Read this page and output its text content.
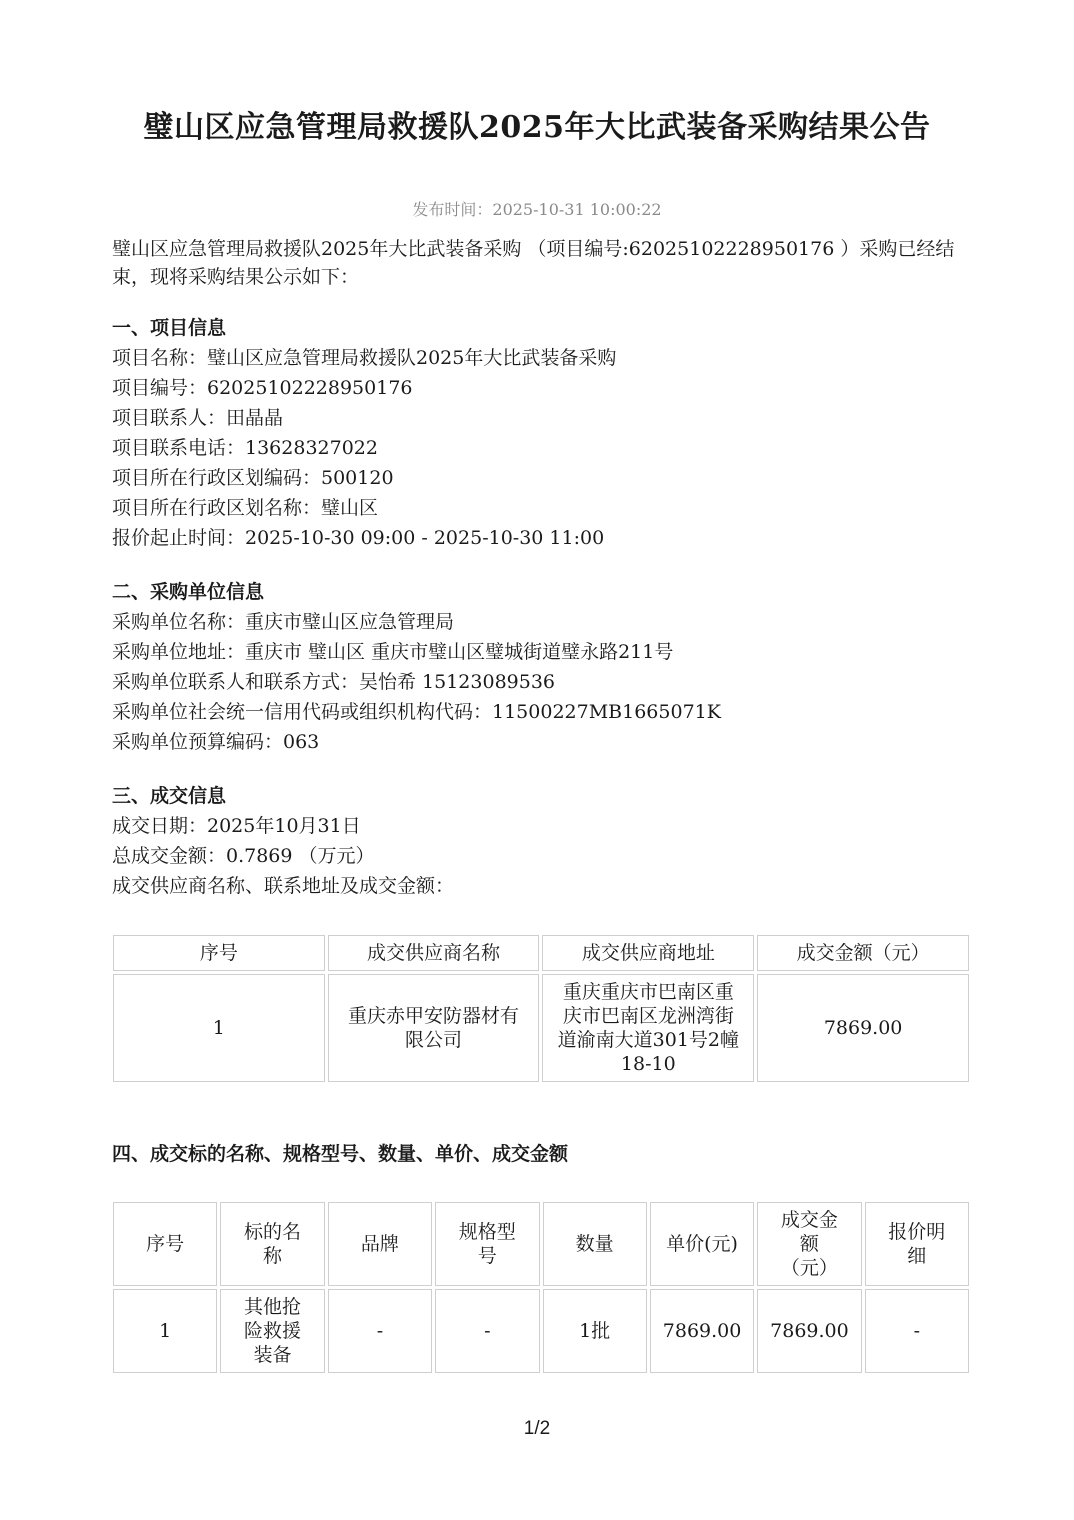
璧山区应急管理局救援队2025年大比武装备采购结果公告
发布时间：2025-10-31 10:00:22
璧山区应急管理局救援队2025年大比武装备采购 （项目编号:62025102228950176 ）采购已经结束，现将采购结果公示如下：
一、项目信息
项目名称：璧山区应急管理局救援队2025年大比武装备采购
项目编号：62025102228950176
项目联系人：田晶晶
项目联系电话：13628327022
项目所在行政区划编码：500120
项目所在行政区划名称：璧山区
报价起止时间：2025-10-30 09:00 - 2025-10-30 11:00
二、采购单位信息
采购单位名称：重庆市璧山区应急管理局
采购单位地址：重庆市 璧山区 重庆市璧山区璧城街道璧永路211号
采购单位联系人和联系方式：吴怡希 15123089536
采购单位社会统一信用代码或组织机构代码：11500227MB1665071K
采购单位预算编码：063
三、成交信息
成交日期：2025年10月31日
总成交金额：0.7869 （万元）
成交供应商名称、联系地址及成交金额：
序号	成交供应商名称	成交供应商地址	成交金额（元）
1	重庆赤甲安防器材有限公司	重庆重庆市巴南区重庆市巴南区龙洲湾街道渝南大道301号2幢18-10	7869.00
四、成交标的名称、规格型号、数量、单价、成交金额
序号	标的名称	品牌	规格型号	数量	单价(元)	成交金额（元）	报价明细
1	其他抢险救援装备	-	-	1批	7869.00	7869.00	-
1/2
